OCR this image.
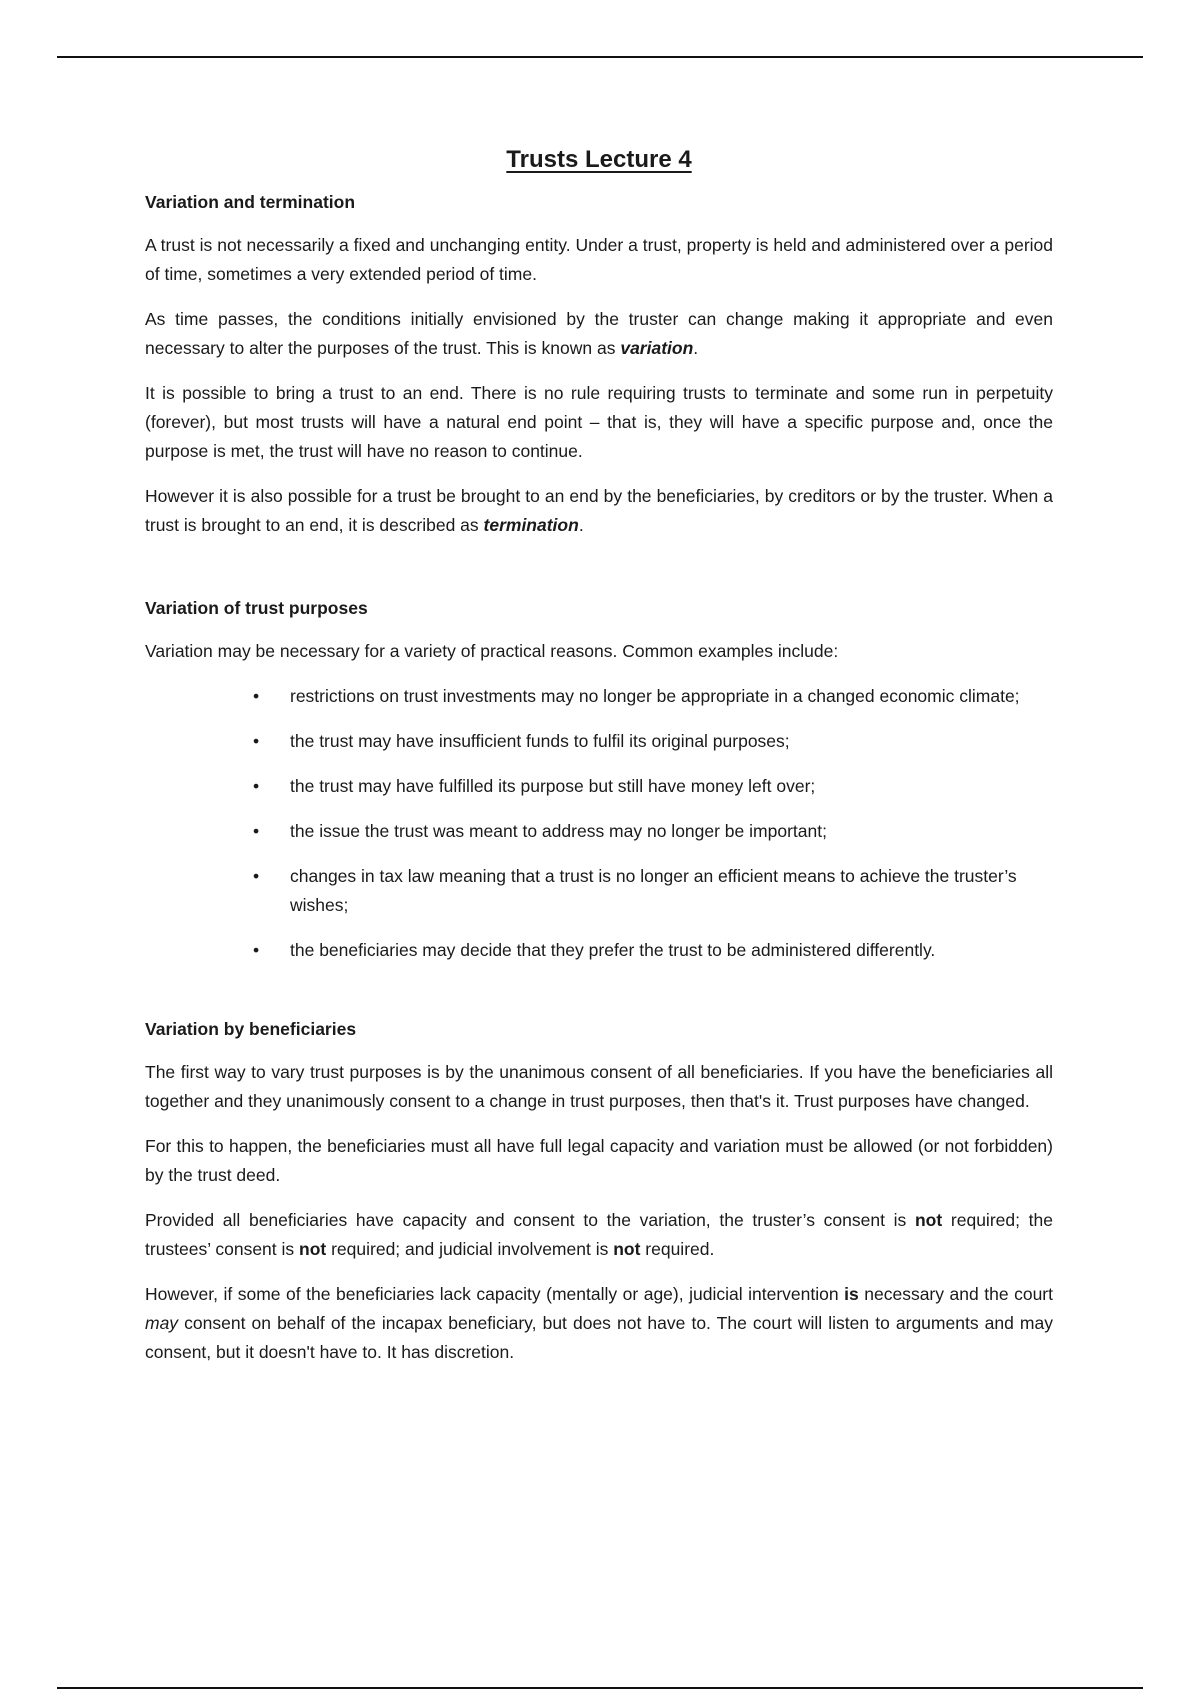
Trusts Lecture 4
Variation and termination

A trust is not necessarily a fixed and unchanging entity. Under a trust, property is held and administered over a period of time, sometimes a very extended period of time.

As time passes, the conditions initially envisioned by the truster can change making it appropriate and even necessary to alter the purposes of the trust. This is known as variation.

It is possible to bring a trust to an end. There is no rule requiring trusts to terminate and some run in perpetuity (forever), but most trusts will have a natural end point – that is, they will have a specific purpose and, once the purpose is met, the trust will have no reason to continue.

However it is also possible for a trust be brought to an end by the beneficiaries, by creditors or by the truster. When a trust is brought to an end, it is described as termination.

Variation of trust purposes

Variation may be necessary for a variety of practical reasons. Common examples include:

• restrictions on trust investments may no longer be appropriate in a changed economic climate;
• the trust may have insufficient funds to fulfil its original purposes;
• the trust may have fulfilled its purpose but still have money left over;
• the issue the trust was meant to address may no longer be important;
• changes in tax law meaning that a trust is no longer an efficient means to achieve the truster’s wishes;
• the beneficiaries may decide that they prefer the trust to be administered differently.
Variation by beneficiaries

The first way to vary trust purposes is by the unanimous consent of all beneficiaries. If you have the beneficiaries all together and they unanimously consent to a change in trust purposes, then that's it. Trust purposes have changed.

For this to happen, the beneficiaries must all have full legal capacity and variation must be allowed (or not forbidden) by the trust deed.

Provided all beneficiaries have capacity and consent to the variation, the truster’s consent is not required; the trustees’ consent is not required; and judicial involvement is not required.

However, if some of the beneficiaries lack capacity (mentally or age), judicial intervention is necessary and the court may consent on behalf of the incapax beneficiary, but does not have to. The court will listen to arguments and may consent, but it doesn't have to. It has discretion.
